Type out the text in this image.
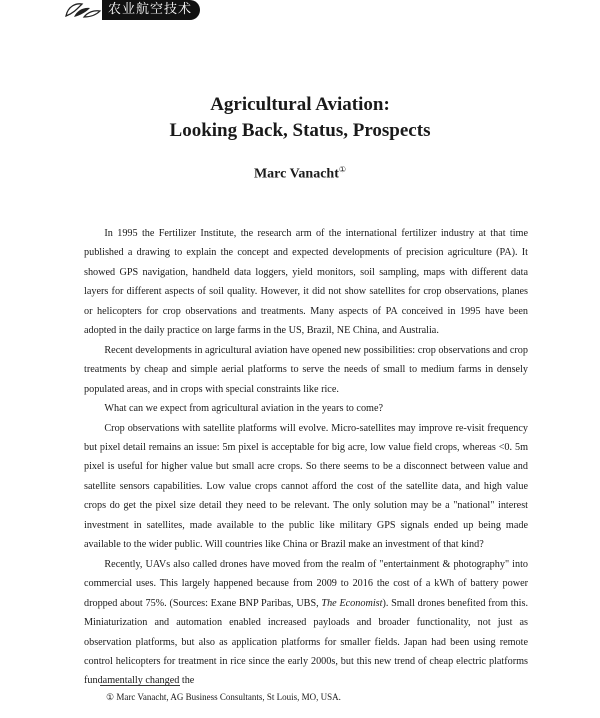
农业航空技术
Agricultural Aviation:
Looking Back, Status, Prospects
Marc Vanacht①

In 1995 the Fertilizer Institute, the research arm of the international fertilizer industry at that time published a drawing to explain the concept and expected developments of precision agriculture (PA). It showed GPS navigation, handheld data loggers, yield monitors, soil sampling, maps with different data layers for different aspects of soil quality. However, it did not show satellites for crop observations, planes or helicopters for crop observations and treatments. Many aspects of PA conceived in 1995 have been adopted in the daily practice on large farms in the US, Brazil, NE China, and Australia.

Recent developments in agricultural aviation have opened new possibilities: crop observations and crop treatments by cheap and simple aerial platforms to serve the needs of small to medium farms in densely populated areas, and in crops with special constraints like rice.

What can we expect from agricultural aviation in the years to come?

Crop observations with satellite platforms will evolve. Micro-satellites may improve re-visit frequency but pixel detail remains an issue: 5m pixel is acceptable for big acre, low value field crops, whereas <0. 5m pixel is useful for higher value but small acre crops. So there seems to be a disconnect between value and satellite sensors capabilities. Low value crops cannot afford the cost of the satellite data, and high value crops do get the pixel size detail they need to be relevant. The only solution may be a "national" interest investment in satellites, made available to the public like military GPS signals ended up being made available to the wider public. Will countries like China or Brazil make an investment of that kind?

Recently, UAVs also called drones have moved from the realm of "entertainment & photography" into commercial uses. This largely happened because from 2009 to 2016 the cost of a kWh of battery power dropped about 75%. (Sources: Exane BNP Paribas, UBS, The Economist). Small drones benefited from this. Miniaturization and automation enabled increased payloads and broader functionality, not just as observation platforms, but also as application platforms for smaller fields. Japan had been using remote control helicopters for treatment in rice since the early 2000s, but this new trend of cheap electric platforms fundamentally changed the

① Marc Vanacht, AG Business Consultants, St Louis, MO, USA.
